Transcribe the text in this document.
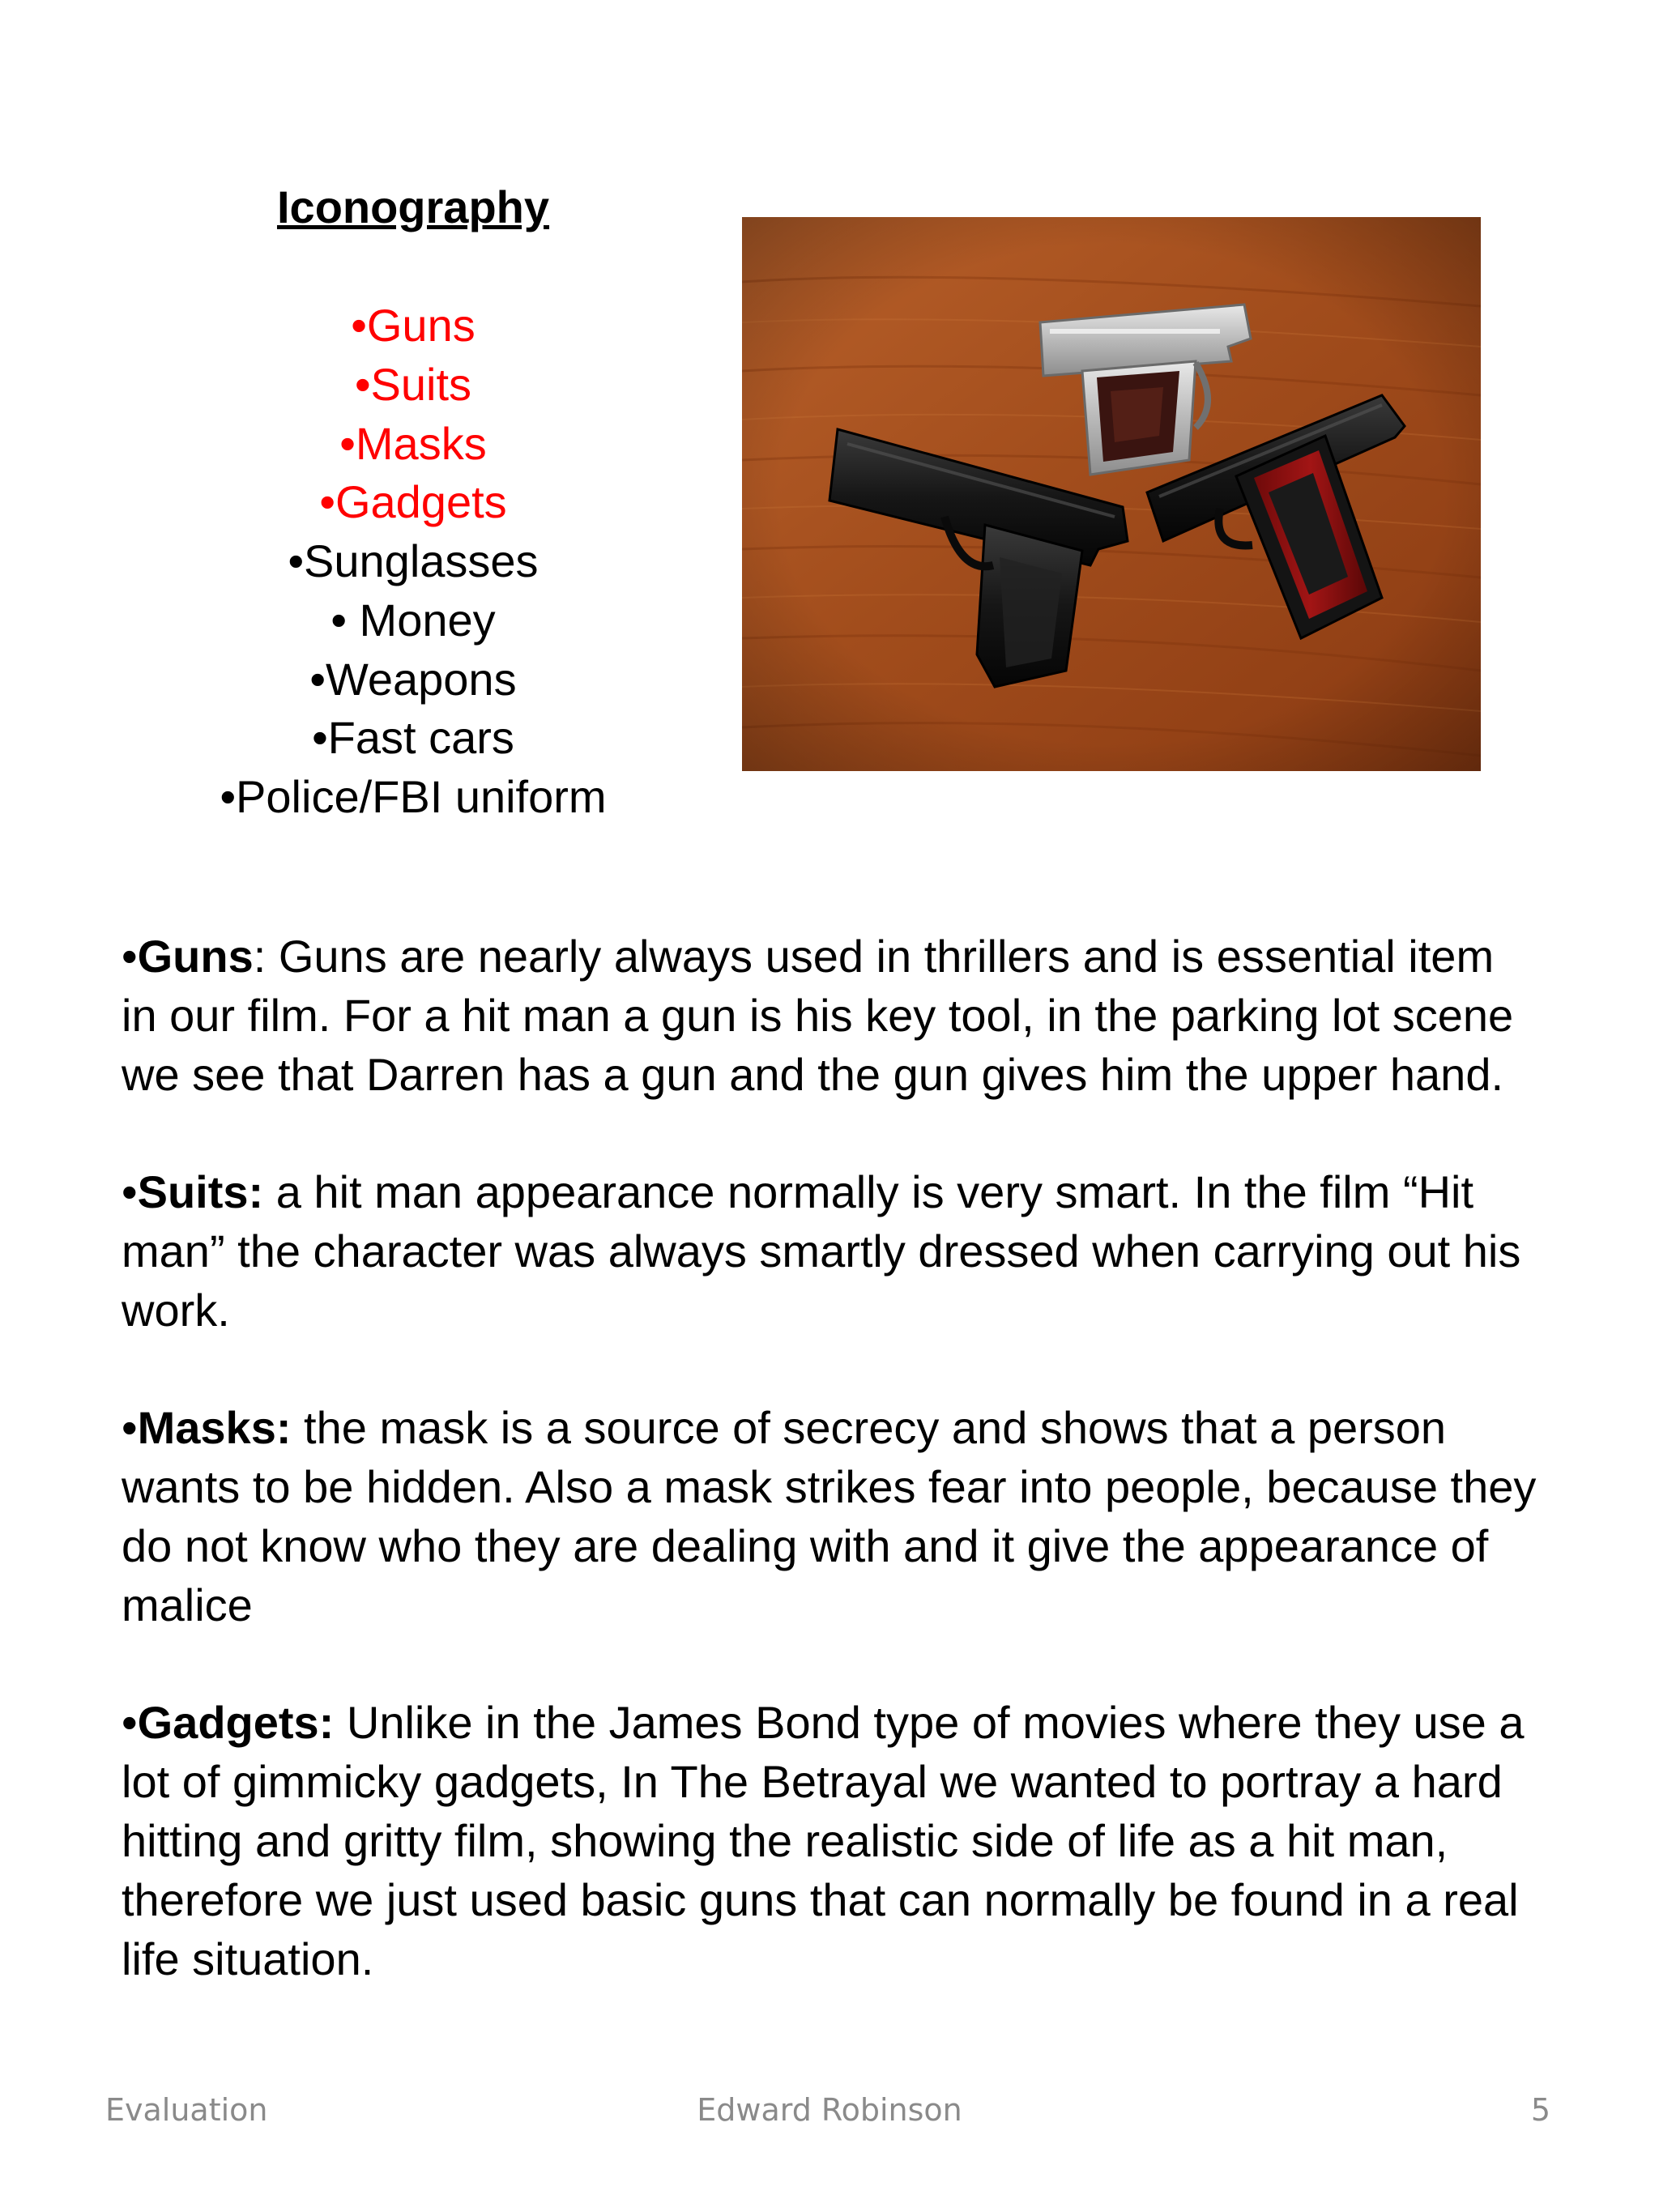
Iconography
•Guns
•Suits
•Masks
•Gadgets
•Sunglasses
• Money
•Weapons
•Fast cars
•Police/FBI uniform

•Guns: Guns are nearly always used in thrillers and is essential item in our film. For a hit man a gun is his key tool, in the parking lot scene we see that Darren has a gun and the gun gives him the upper hand.

•Suits: a hit man appearance normally is very smart. In the film “Hit man” the character was always smartly dressed when carrying out his work.

•Masks: the mask is a source of secrecy and shows that a person wants to be hidden. Also a mask strikes fear into people, because they do not know who they are dealing with and it give the appearance of malice

•Gadgets: Unlike in the James Bond type of movies where they use a lot of gimmicky gadgets, In The Betrayal we wanted to portray a hard hitting and gritty film, showing the realistic side of life as a hit man, therefore we just used basic guns that can normally be found in a real life situation.

Evaluation	Edward Robinson	5
